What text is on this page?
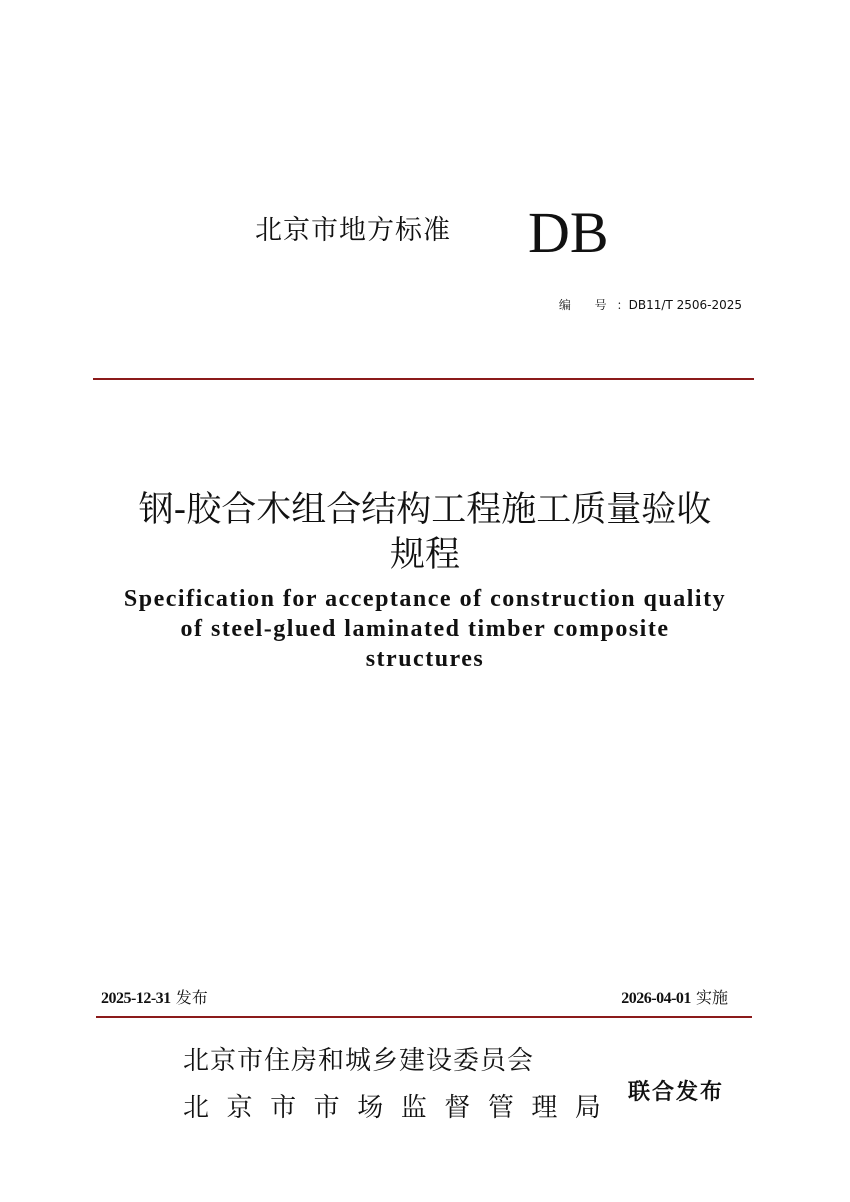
北京市地方标准 DB
编 号：DB11/T 2506-2025
钢-胶合木组合结构工程施工质量验收
规程
Specification for acceptance of construction quality
of steel-glued laminated timber composite
structures
2025-12-31 发布	2026-04-01 实施
北京市住房和城乡建设委员会
北 京 市 市 场 监 督 管 理 局
联合发布
